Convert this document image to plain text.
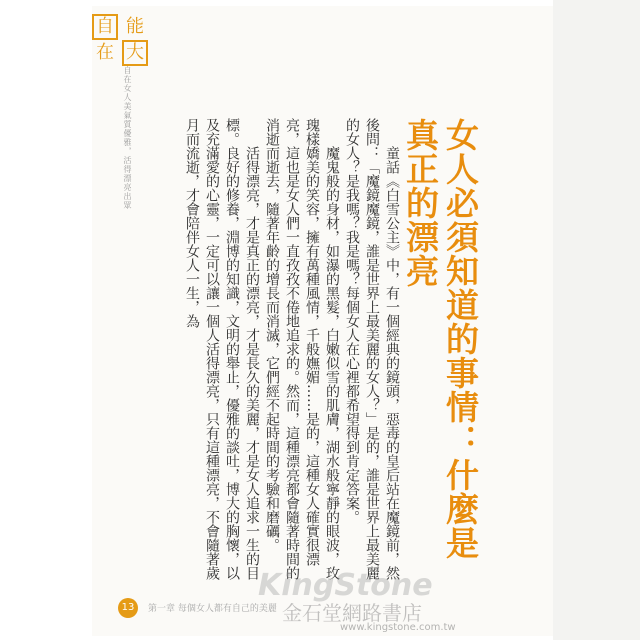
自
在
能
大
自在女人美氣質優雅，活得漂亮出眾	女人必須知道的事情：什麼是真正的漂亮

童話《白雪公主》中，有一個經典的鏡頭，惡毒的皇后站在魔鏡前，然後問：「魔鏡魔鏡，誰是世界上最美麗的女人？」是的，誰是世界上最美麗的女人？是我嗎？我是嗎？每個女人在心裡都希望得到肯定答案。

魔鬼般的身材，如瀑的黑髮，白嫩似雪的肌膚，湖水般寧靜的眼波，玫瑰樣嬌美的笑容，擁有萬種風情，千般嫵媚……是的，這種女人確實很漂亮，這也是女人們一直孜孜不倦地追求的。然而，這種漂亮都會隨著時間的消逝而逝去，隨著年齡的增長而消滅，它們經不起時間的考驗和磨礪。

活得漂亮，才是真正的漂亮，才是長久的美麗，才是女人追求一生的目標。良好的修養，淵博的知識，文明的舉止，優雅的談吐，博大的胸懷，以及充滿愛的心靈，一定可以讓一個人活得漂亮，只有這種漂亮，不會隨著歲月而流逝，才會陪伴女人一生，為

13	第一章 每個女人都有自己的美麗
KingStone
金石堂網路書店
www.kingstone.com.tw
